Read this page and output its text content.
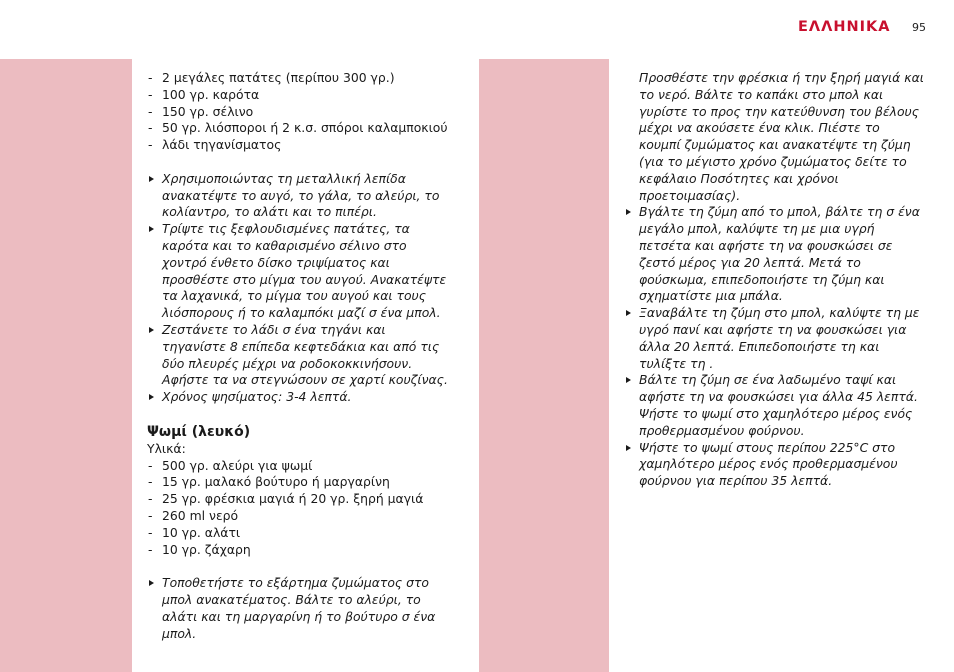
ΕΛΛΗΝΙΚΑ 95
- 2 μεγάλες πατάτες (περίπου 300 γρ.)
- 100 γρ. καρότα
- 150 γρ. σέλινο
- 50 γρ. λιόσποροι ή 2 κ.σ. σπόροι καλαμποκιού
- λάδι τηγανίσματος
Χρησιμοποιώντας τη μεταλλική λεπίδα ανακατέψτε το αυγό, το γάλα, το αλεύρι, το κολίαντρο, το αλάτι και το πιπέρι.
Τρίψτε τις ξεφλουδισμένες πατάτες, τα καρότα και το καθαρισμένο σέλινο στο χοντρό ένθετο δίσκο τριψίματος και προσθέστε στο μίγμα του αυγού. Ανακατέψτε τα λαχανικά, το μίγμα του αυγού και τους λιόσπορους ή το καλαμπόκι μαζί σ ένα μπολ.
Ζεστάνετε το λάδι σ ένα τηγάνι και τηγανίστε 8 επίπεδα κεφτεδάκια και από τις δύο πλευρές μέχρι να ροδοκοκκινήσουν. Αφήστε τα να στεγνώσουν σε χαρτί κουζίνας.
Χρόνος ψησίματος: 3-4 λεπτά.
Ψωμί (λευκό)

Υλικά:

- 500 γρ. αλεύρι για ψωμί
- 15 γρ. μαλακό βούτυρο ή μαργαρίνη
- 25 γρ. φρέσκια μαγιά ή 20 γρ. ξηρή μαγιά
- 260 ml νερό
- 10 γρ. αλάτι
- 10 γρ. ζάχαρη
Τοποθετήστε το εξάρτημα ζυμώματος στο μπολ ανακατέματος. Βάλτε το αλεύρι, το αλάτι και τη μαργαρίνη ή το βούτυρο σ ένα μπολ.
Προσθέστε την φρέσκια ή την ξηρή μαγιά και το νερό. Βάλτε το καπάκι στο μπολ και γυρίστε το προς την κατεύθυνση του βέλους μέχρι να ακούσετε ένα κλικ. Πιέστε το κουμπί ζυμώματος και ανακατέψτε τη ζύμη (για το μέγιστο χρόνο ζυμώματος δείτε το κεφάλαιο Ποσότητες και χρόνοι προετοιμασίας).
Βγάλτε τη ζύμη από το μπολ, βάλτε τη σ ένα μεγάλο μπολ, καλύψτε τη με μια υγρή πετσέτα και αφήστε τη να φουσκώσει σε ζεστό μέρος για 20 λεπτά. Μετά το φούσκωμα, επιπεδοποιήστε τη ζύμη και σχηματίστε μια μπάλα.
Ξαναβάλτε τη ζύμη στο μπολ, καλύψτε τη με υγρό πανί και αφήστε τη να φουσκώσει για άλλα 20 λεπτά. Επιπεδοποιήστε τη και τυλίξτε τη .
Βάλτε τη ζύμη σε ένα λαδωμένο ταψί και αφήστε τη να φουσκώσει για άλλα 45 λεπτά. Ψήστε το ψωμί στο χαμηλότερο μέρος ενός προθερμασμένου φούρνου.
Ψήστε το ψωμί στους περίπου 225°C στο χαμηλότερο μέρος ενός προθερμασμένου φούρνου για περίπου 35 λεπτά.
